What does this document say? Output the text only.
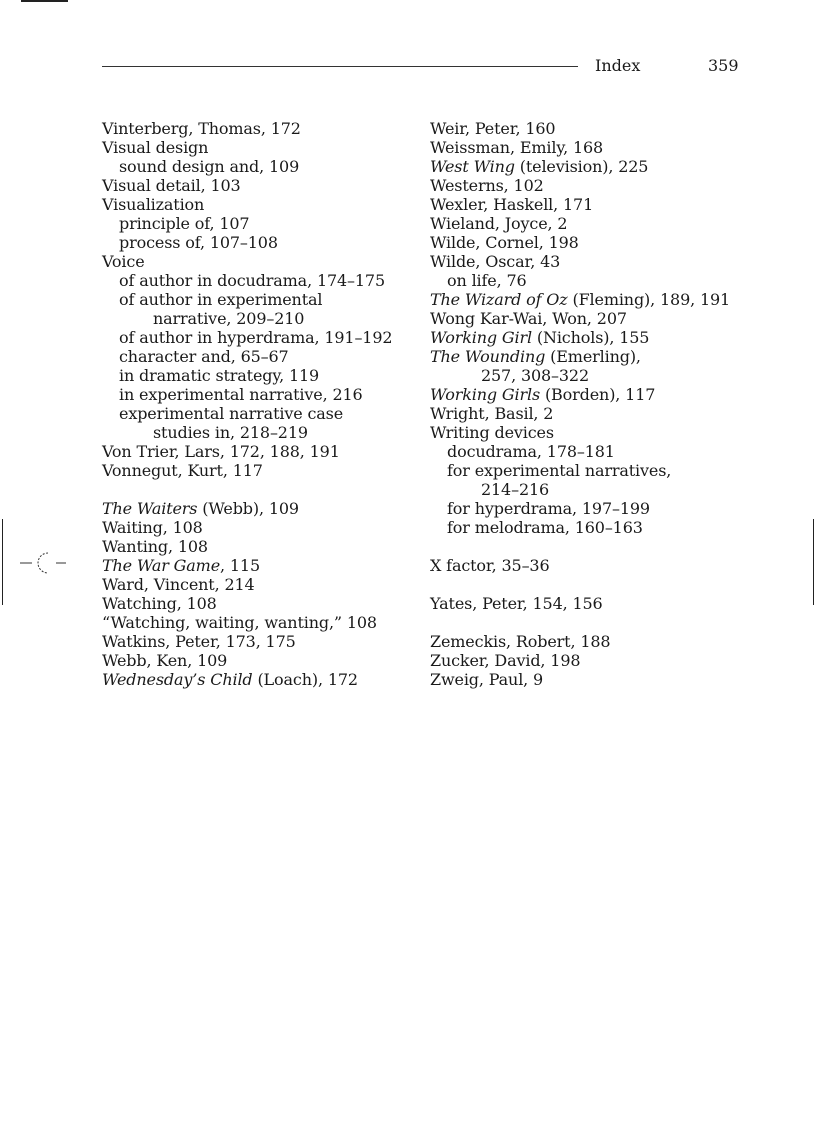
Index	359
Vinterberg, Thomas, 172
Visual design
sound design and, 109
Visual detail, 103
Visualization
principle of, 107
process of, 107–108
Voice
of author in docudrama, 174–175
of author in experimental
narrative, 209–210
of author in hyperdrama, 191–192
character and, 65–67
in dramatic strategy, 119
in experimental narrative, 216
experimental narrative case
studies in, 218–219
Von Trier, Lars, 172, 188, 191
Vonnegut, Kurt, 117
The Waiters (Webb), 109
Waiting, 108
Wanting, 108
The War Game, 115
Ward, Vincent, 214
Watching, 108
“Watching, waiting, wanting,” 108
Watkins, Peter, 173, 175
Webb, Ken, 109
Wednesday’s Child (Loach), 172
Weir, Peter, 160
Weissman, Emily, 168
West Wing (television), 225
Westerns, 102
Wexler, Haskell, 171
Wieland, Joyce, 2
Wilde, Cornel, 198
Wilde, Oscar, 43
on life, 76
The Wizard of Oz (Fleming), 189, 191
Wong Kar-Wai, Won, 207
Working Girl (Nichols), 155
The Wounding (Emerling),
257, 308–322
Working Girls (Borden), 117
Wright, Basil, 2
Writing devices
docudrama, 178–181
for experimental narratives,
214–216
for hyperdrama, 197–199
for melodrama, 160–163
X factor, 35–36
Yates, Peter, 154, 156
Zemeckis, Robert, 188
Zucker, David, 198
Zweig, Paul, 9
